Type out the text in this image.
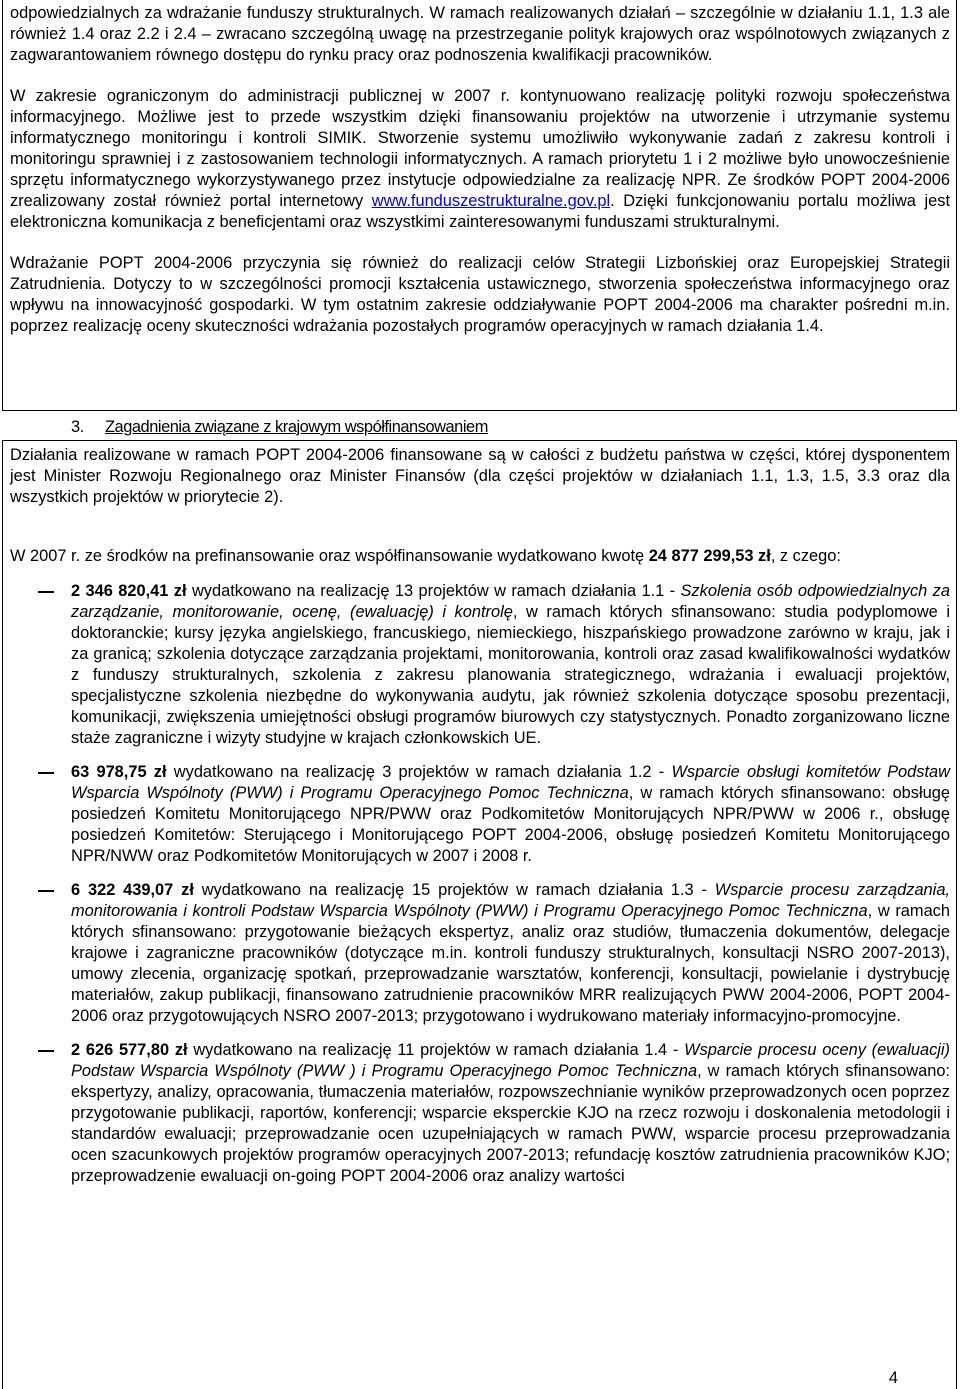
odpowiedzialnych za wdrażanie funduszy strukturalnych. W ramach realizowanych działań – szczególnie w działaniu 1.1, 1.3 ale również 1.4 oraz 2.2 i 2.4 – zwracano szczególną uwagę na przestrzeganie polityk krajowych oraz wspólnotowych związanych z zagwarantowaniem równego dostępu do rynku pracy oraz podnoszenia kwalifikacji pracowników.

W zakresie ograniczonym do administracji publicznej w 2007 r. kontynuowano realizację polityki rozwoju społeczeństwa informacyjnego. Możliwe jest to przede wszystkim dzięki finansowaniu projektów na utworzenie i utrzymanie systemu informatycznego monitoringu i kontroli SIMIK. Stworzenie systemu umożliwiło wykonywanie zadań z zakresu kontroli i monitoringu sprawniej i z zastosowaniem technologii informatycznych. A ramach priorytetu 1 i 2 możliwe było unowocześnienie sprzętu informatycznego wykorzystywanego przez instytucje odpowiedzialne za realizację NPR. Ze środków POPT 2004-2006 zrealizowany został również portal internetowy www.funduszestrukturalne.gov.pl. Dzięki funkcjonowaniu portalu możliwa jest elektroniczna komunikacja z beneficjentami oraz wszystkimi zainteresowanymi funduszami strukturalnymi.

Wdrażanie POPT 2004-2006 przyczynia się również do realizacji celów Strategii Lizbońskiej oraz Europejskiej Strategii Zatrudnienia. Dotyczy to w szczególności promocji kształcenia ustawicznego, stworzenia społeczeństwa informacyjnego oraz wpływu na innowacyjność gospodarki. W tym ostatnim zakresie oddziaływanie POPT 2004-2006 ma charakter pośredni m.in. poprzez realizację oceny skuteczności wdrażania pozostałych programów operacyjnych w ramach działania 1.4.

3. Zagadnienia związane z krajowym współfinansowaniem

Działania realizowane w ramach POPT 2004-2006 finansowane są w całości z budżetu państwa w części, której dysponentem jest Minister Rozwoju Regionalnego oraz Minister Finansów (dla części projektów w działaniach 1.1, 1.3, 1.5, 3.3 oraz dla wszystkich projektów w priorytecie 2).

W 2007 r. ze środków na prefinansowanie oraz współfinansowanie wydatkowano kwotę 24 877 299,53 zł, z czego:

2 346 820,41 zł wydatkowano na realizację 13 projektów w ramach działania 1.1 - Szkolenia osób odpowiedzialnych za zarządzanie, monitorowanie, ocenę, (ewaluację) i kontrolę, w ramach których sfinansowano: studia podyplomowe i doktoranckie; kursy języka angielskiego, francuskiego, niemieckiego, hiszpańskiego prowadzone zarówno w kraju, jak i za granicą; szkolenia dotyczące zarządzania projektami, monitorowania, kontroli oraz zasad kwalifikowalności wydatków z funduszy strukturalnych, szkolenia z zakresu planowania strategicznego, wdrażania i ewaluacji projektów, specjalistyczne szkolenia niezbędne do wykonywania audytu, jak również szkolenia dotyczące sposobu prezentacji, komunikacji, zwiększenia umiejętności obsługi programów biurowych czy statystycznych. Ponadto zorganizowano liczne staże zagraniczne i wizyty studyjne w krajach członkowskich UE.
63 978,75 zł wydatkowano na realizację 3 projektów w ramach działania 1.2 - Wsparcie obsługi komitetów Podstaw Wsparcia Wspólnoty (PWW) i Programu Operacyjnego Pomoc Techniczna, w ramach których sfinansowano: obsługę posiedzeń Komitetu Monitorującego NPR/PWW oraz Podkomitetów Monitorujących NPR/PWW w 2006 r., obsługę posiedzeń Komitetów: Sterującego i Monitorującego POPT 2004-2006, obsługę posiedzeń Komitetu Monitorującego NPR/NWW oraz Podkomitetów Monitorujących w 2007 i 2008 r.
6 322 439,07 zł wydatkowano na realizację 15 projektów w ramach działania 1.3 - Wsparcie procesu zarządzania, monitorowania i kontroli Podstaw Wsparcia Wspólnoty (PWW) i Programu Operacyjnego Pomoc Techniczna, w ramach których sfinansowano: przygotowanie bieżących ekspertyz, analiz oraz studiów, tłumaczenia dokumentów, delegacje krajowe i zagraniczne pracowników (dotyczące m.in. kontroli funduszy strukturalnych, konsultacji NSRO 2007-2013), umowy zlecenia, organizację spotkań, przeprowadzanie warsztatów, konferencji, konsultacji, powielanie i dystrybucję materiałów, zakup publikacji, finansowano zatrudnienie pracowników MRR realizujących PWW 2004-2006, POPT 2004-2006 oraz przygotowujących NSRO 2007-2013; przygotowano i wydrukowano materiały informacyjno-promocyjne.
2 626 577,80 zł wydatkowano na realizację 11 projektów w ramach działania 1.4 - Wsparcie procesu oceny (ewaluacji) Podstaw Wsparcia Wspólnoty (PWW ) i Programu Operacyjnego Pomoc Techniczna, w ramach których sfinansowano: ekspertyzy, analizy, opracowania, tłumaczenia materiałów, rozpowszechnianie wyników przeprowadzonych ocen poprzez przygotowanie publikacji, raportów, konferencji; wsparcie eksperckie KJO na rzecz rozwoju i doskonalenia metodologii i standardów ewaluacji; przeprowadzanie ocen uzupełniających w ramach PWW, wsparcie procesu przeprowadzania ocen szacunkowych projektów programów operacyjnych 2007-2013; refundację kosztów zatrudnienia pracowników KJO; przeprowadzenie ewaluacji on-going POPT 2004-2006 oraz analizy wartości
4
